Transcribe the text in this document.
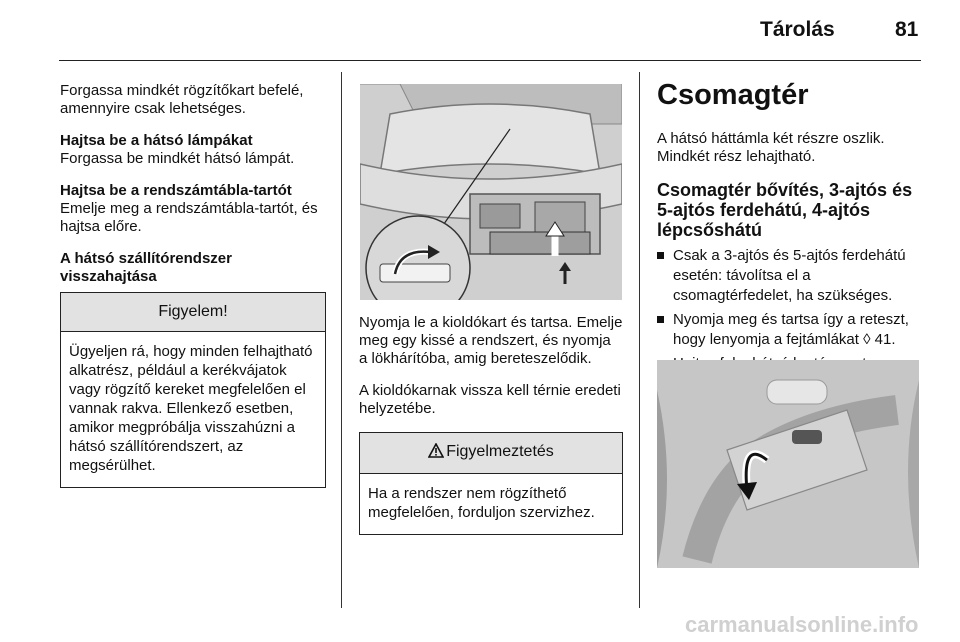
Tárolás	81

Forgassa mindkét rögzítőkart befelé, amennyire csak lehetséges.

Hajtsa be a hátsó lámpákat

Forgassa be mindkét hátsó lámpát.

Hajtsa be a rendszámtábla-tartót

Emelje meg a rendszámtábla-tartót, és hajtsa előre.

A hátsó szállítórendszer visszahajtása
Figyelem!
Ügyeljen rá, hogy minden felhajtható alkatrész, például a kerékvájatok vagy rögzítő kereket megfelelően el vannak rakva. Ellenkező esetben, amikor megpróbálja visszahúzni a hátsó szállítórendszert, az megsérülhet.

Nyomja le a kioldókart és tartsa. Emelje meg egy kissé a rendszert, és nyomja a lökhárítóba, amig bereteszelődik.

A kioldókarnak vissza kell térnie eredeti helyzetébe.

Figyelmeztetés
Ha a rendszer nem rögzíthető megfelelően, forduljon szervizhez.
Csomagtér

A hátsó háttámla két részre oszlik. Mindkét rész lehajtható.

Csomagtér bővítés, 3-ajtós és 5-ajtós ferdehátú, 4-ajtós lépcsőshátú
Csak a 3-ajtós és 5-ajtós ferdehátú esetén: távolítsa el a csomagtérfedelet, ha szükséges.
Nyomja meg és tartsa így a reteszt, hogy lenyomja a fejtámlákat ◊ 41.
carmanualsonline.info
